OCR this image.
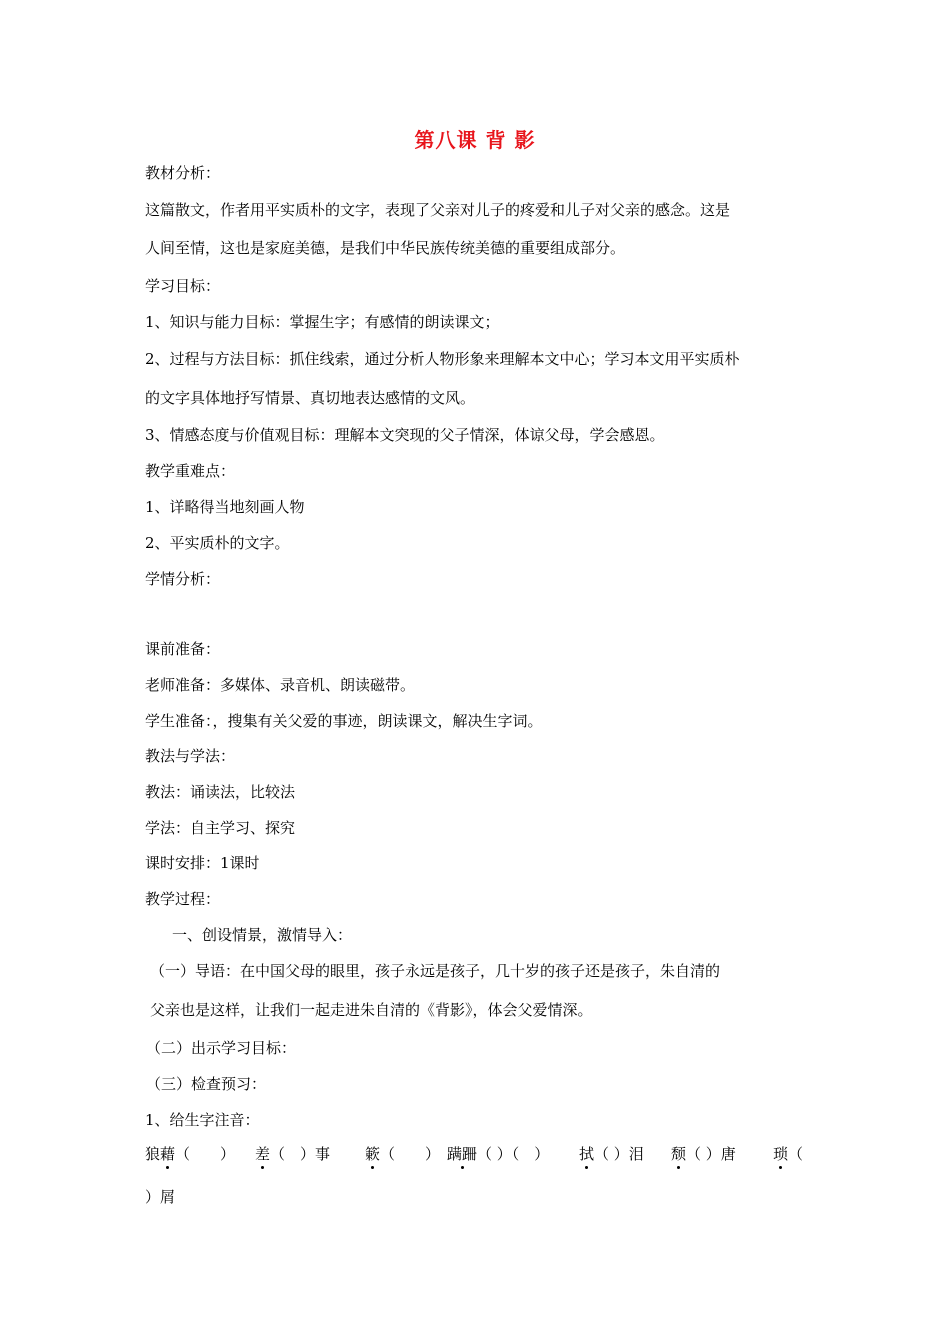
第八课 背 影
教材分析：
这篇散文，作者用平实质朴的文字，表现了父亲对儿子的疼爱和儿子对父亲的感念。这是
人间至情，这也是家庭美德，是我们中华民族传统美德的重要组成部分。
学习目标：
1、知识与能力目标：掌握生字；有感情的朗读课文；
2、过程与方法目标：抓住线索，通过分析人物形象来理解本文中心；学习本文用平实质朴
的文字具体地抒写情景、真切地表达感情的文风。
3、情感态度与价值观目标：理解本文突现的父子情深，体谅父母，学会感恩。
教学重难点：
1、详略得当地刻画人物
2、平实质朴的文字。
学情分析：
课前准备：
老师准备：多媒体、录音机、朗读磁带。
学生准备：，搜集有关父爱的事迹，朗读课文，解决生字词。
教法与学法：
教法：诵读法，比较法
学法：自主学习、探究
课时安排：1课时
教学过程：
一、创设情景，激情导入：
（一）导语：在中国父母的眼里，孩子永远是孩子，几十岁的孩子还是孩子，朱自清的
父亲也是这样，让我们一起走进朱自清的《背影》，体会父爱情深。
（二）出示学习目标：
（三）检查预习：
1、给生字注音：
狼藉（　　） 差（　）事 簌（　　） 蹒跚（ ）（　） 拭（ ）泪 颓（ ）唐 琐（
）屑
